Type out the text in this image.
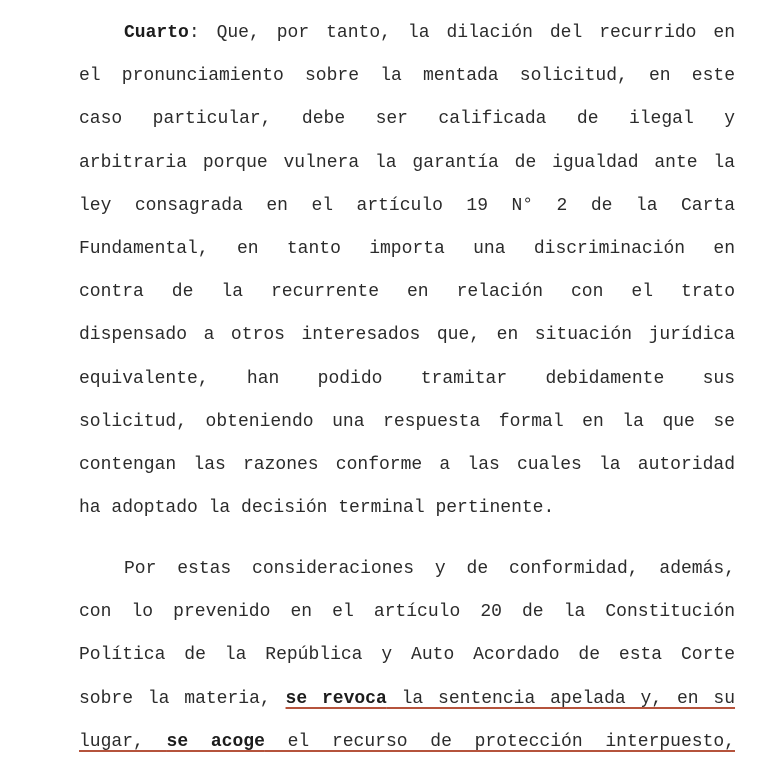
Cuarto: Que, por tanto, la dilación del recurrido en
el pronunciamiento sobre la mentada solicitud, en este
caso particular, debe ser calificada de ilegal y
arbitraria porque vulnera la garantía de igualdad ante la
ley consagrada en el artículo 19 N° 2 de la Carta
Fundamental, en tanto importa una discriminación en
contra de la recurrente en relación con el trato
dispensado a otros interesados que, en situación jurídica
equivalente, han podido tramitar debidamente sus
solicitud, obteniendo una respuesta formal en la que se
contengan las razones conforme a las cuales la autoridad
ha adoptado la decisión terminal pertinente.
Por estas consideraciones y de conformidad, además,
con lo prevenido en el artículo 20 de la Constitución
Política de la República y Auto Acordado de esta Corte
sobre la materia, se revoca la sentencia apelada y, en su
lugar, se acoge el recurso de protección interpuesto,
